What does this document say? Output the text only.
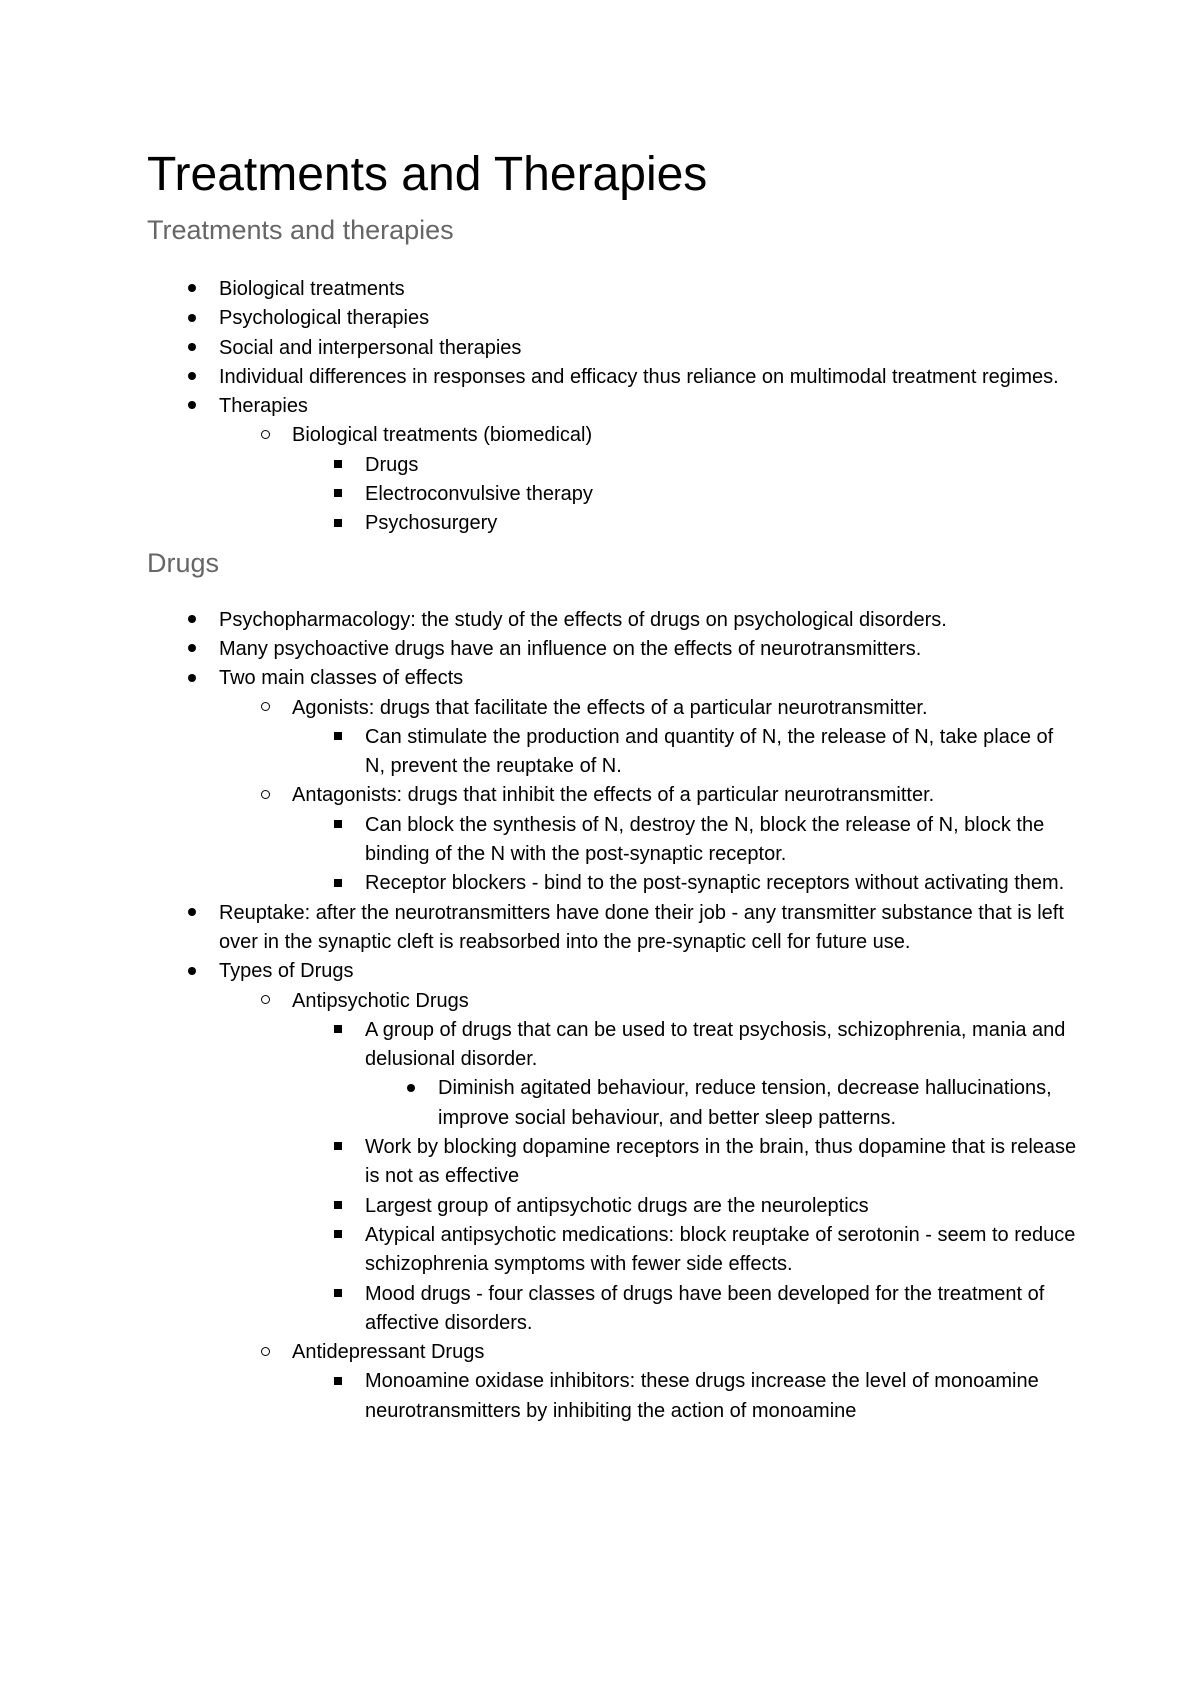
Treatments and Therapies
Treatments and therapies
Biological treatments
Psychological therapies
Social and interpersonal therapies
Individual differences in responses and efficacy thus reliance on multimodal treatment regimes.
Therapies
Biological treatments (biomedical)
Drugs
Electroconvulsive therapy
Psychosurgery
Drugs
Psychopharmacology: the study of the effects of drugs on psychological disorders.
Many psychoactive drugs have an influence on the effects of neurotransmitters.
Two main classes of effects
Agonists: drugs that facilitate the effects of a particular neurotransmitter.
Can stimulate the production and quantity of N, the release of N, take place of N, prevent the reuptake of N.
Antagonists: drugs that inhibit the effects of a particular neurotransmitter.
Can block the synthesis of N, destroy the N, block the release of N, block the binding of the N with the post-synaptic receptor.
Receptor blockers - bind to the post-synaptic receptors without activating them.
Reuptake: after the neurotransmitters have done their job - any transmitter substance that is left over in the synaptic cleft is reabsorbed into the pre-synaptic cell for future use.
Types of Drugs
Antipsychotic Drugs
A group of drugs that can be used to treat psychosis, schizophrenia, mania and delusional disorder.
Diminish agitated behaviour, reduce tension, decrease hallucinations, improve social behaviour, and better sleep patterns.
Work by blocking dopamine receptors in the brain, thus dopamine that is release is not as effective
Largest group of antipsychotic drugs are the neuroleptics
Atypical antipsychotic medications: block reuptake of serotonin - seem to reduce schizophrenia symptoms with fewer side effects.
Mood drugs - four classes of drugs have been developed for the treatment of affective disorders.
Antidepressant Drugs
Monoamine oxidase inhibitors: these drugs increase the level of monoamine neurotransmitters by inhibiting the action of monoamine
